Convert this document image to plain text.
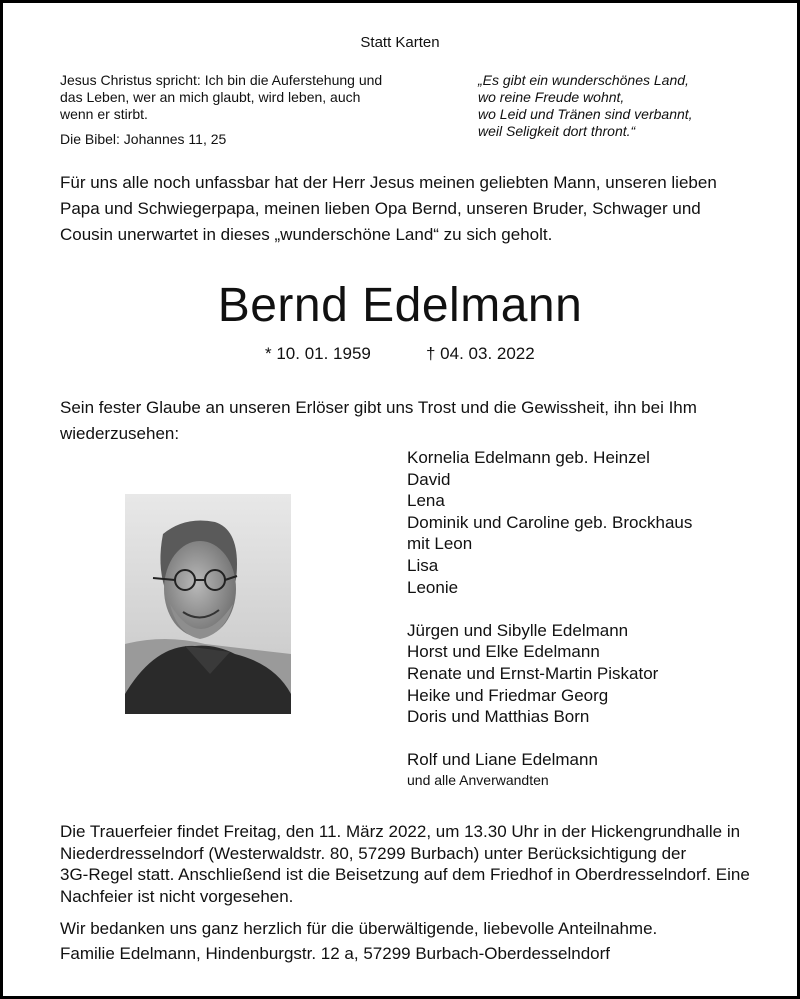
Statt Karten
Jesus Christus spricht: Ich bin die Auferstehung und
das Leben, wer an mich glaubt, wird leben, auch
wenn er stirbt.
Die Bibel: Johannes 11, 25
„Es gibt ein wunderschönes Land,
wo reine Freude wohnt,
wo Leid und Tränen sind verbannt,
weil Seligkeit dort thront.“
Für uns alle noch unfassbar hat der Herr Jesus meinen geliebten Mann, unseren lieben
Papa und Schwiegerpapa, meinen lieben Opa Bernd, unseren Bruder, Schwager und
Cousin unerwartet in dieses „wunderschöne Land“ zu sich geholt.
Bernd Edelmann
* 10. 01. 1959	† 04. 03. 2022
Sein fester Glaube an unseren Erlöser gibt uns Trost und die Gewissheit, ihn bei Ihm
wiederzusehen:
Kornelia Edelmann geb. Heinzel
David
Lena
Dominik und Caroline geb. Brockhaus
mit Leon
Lisa
Leonie
Jürgen und Sibylle Edelmann
Horst und Elke Edelmann
Renate und Ernst-Martin Piskator
Heike und Friedmar Georg
Doris und Matthias Born
Rolf und Liane Edelmann
und alle Anverwandten
Die Trauerfeier findet Freitag, den 11. März 2022, um 13.30 Uhr in der Hickengrundhalle in
Niederdresselndorf (Westerwaldstr. 80, 57299 Burbach) unter Berücksichtigung der
3G-Regel statt. Anschließend ist die Beisetzung auf dem Friedhof in Oberdresselndorf. Eine
Nachfeier ist nicht vorgesehen.
Wir bedanken uns ganz herzlich für die überwältigende, liebevolle Anteilnahme.
Familie Edelmann, Hindenburgstr. 12 a, 57299 Burbach-Oberdesselndorf
